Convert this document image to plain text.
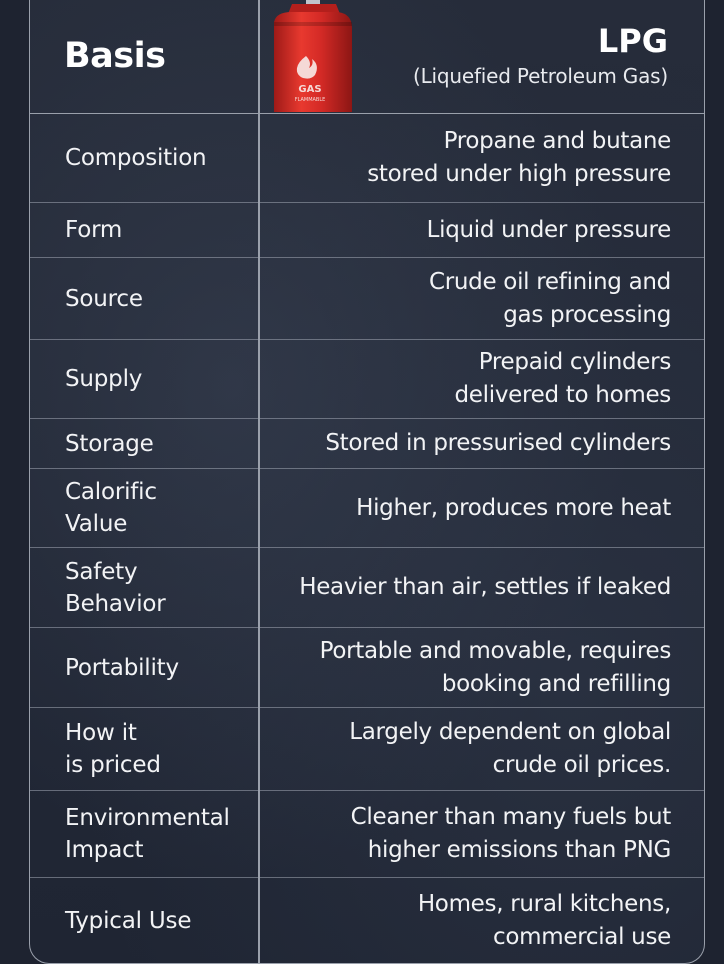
Basis
GAS
FLAMMABLE
LPG
(Liquefied Petroleum Gas)
Composition
Propane and butane
stored under high pressure
Form	Liquid under pressure
Source
Crude oil refining and
gas processing
Supply
Prepaid cylinders
delivered to homes
Storage	Stored in pressurised cylinders
Calorific
Value
Higher, produces more heat
Safety
Behavior
Heavier than air, settles if leaked
Portability
Portable and movable, requires
booking and refilling
How it
is priced
Largely dependent on global
crude oil prices.
Environmental
Impact
Cleaner than many fuels but
higher emissions than PNG
Typical Use
Homes, rural kitchens,
commercial use
